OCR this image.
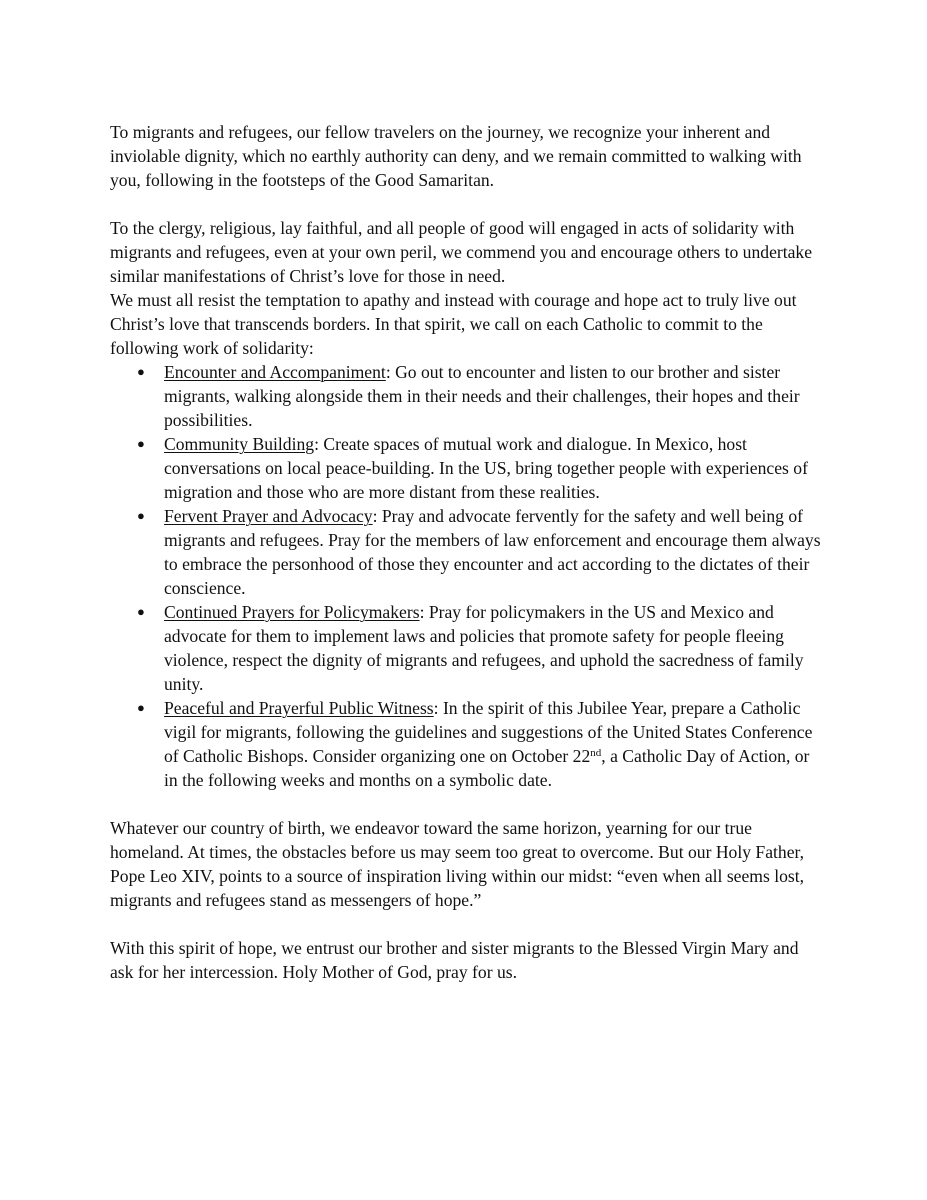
To migrants and refugees, our fellow travelers on the journey, we recognize your inherent and inviolable dignity, which no earthly authority can deny, and we remain committed to walking with you, following in the footsteps of the Good Samaritan.

To the clergy, religious, lay faithful, and all people of good will engaged in acts of solidarity with migrants and refugees, even at your own peril, we commend you and encourage others to undertake similar manifestations of Christ’s love for those in need.

We must all resist the temptation to apathy and instead with courage and hope act to truly live out Christ’s love that transcends borders. In that spirit, we call on each Catholic to commit to the following work of solidarity:

● Encounter and Accompaniment: Go out to encounter and listen to our brother and sister migrants, walking alongside them in their needs and their challenges, their hopes and their possibilities.
● Community Building: Create spaces of mutual work and dialogue. In Mexico, host conversations on local peace-building. In the US, bring together people with experiences of migration and those who are more distant from these realities.
● Fervent Prayer and Advocacy: Pray and advocate fervently for the safety and well being of migrants and refugees. Pray for the members of law enforcement and encourage them always to embrace the personhood of those they encounter and act according to the dictates of their conscience.
● Continued Prayers for Policymakers: Pray for policymakers in the US and Mexico and advocate for them to implement laws and policies that promote safety for people fleeing violence, respect the dignity of migrants and refugees, and uphold the sacredness of family unity.
● Peaceful and Prayerful Public Witness: In the spirit of this Jubilee Year, prepare a Catholic vigil for migrants, following the guidelines and suggestions of the United States Conference of Catholic Bishops. Consider organizing one on October 22nd, a Catholic Day of Action, or in the following weeks and months on a symbolic date.

Whatever our country of birth, we endeavor toward the same horizon, yearning for our true homeland. At times, the obstacles before us may seem too great to overcome. But our Holy Father, Pope Leo XIV, points to a source of inspiration living within our midst: “even when all seems lost, migrants and refugees stand as messengers of hope.”

With this spirit of hope, we entrust our brother and sister migrants to the Blessed Virgin Mary and ask for her intercession. Holy Mother of God, pray for us.
